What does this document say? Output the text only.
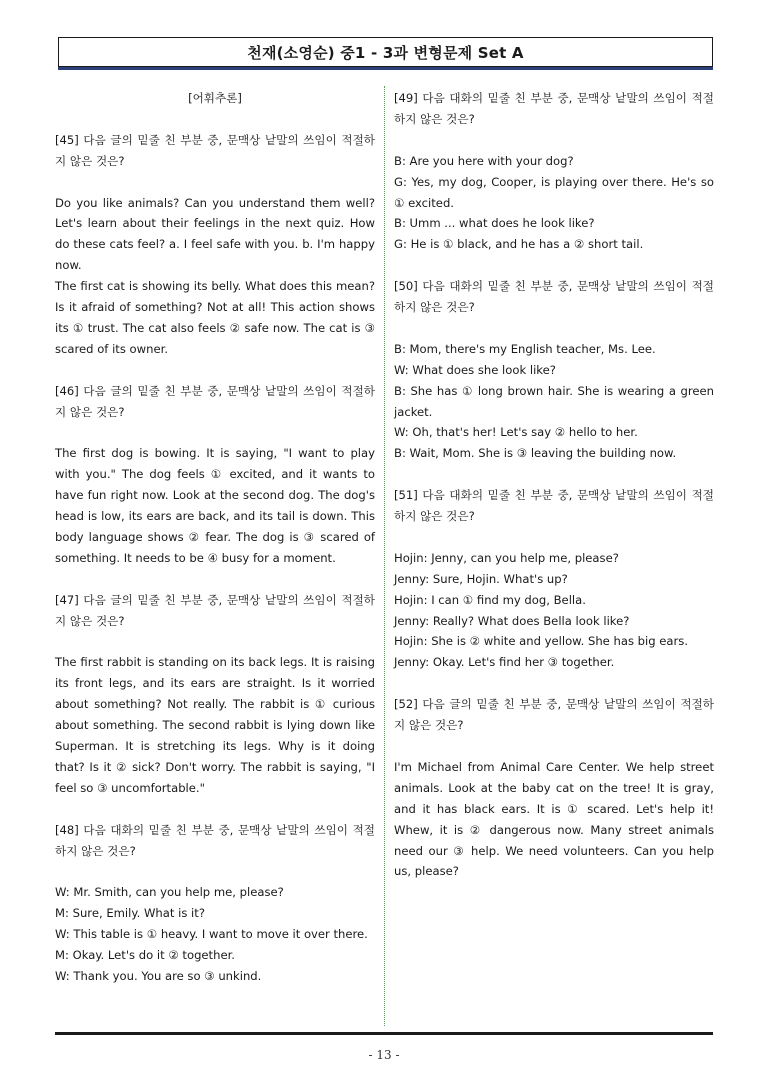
천재(소영순) 중1 - 3과 변형문제 Set A
[어휘추론]
[45] 다음 글의 밑줄 친 부분 중, 문맥상 낱말의 쓰임이 적절하지 않은 것은?
Do you like animals? Can you understand them well? Let's learn about their feelings in the next quiz. How do these cats feel? a. I feel safe with you. b. I'm happy now.
The first cat is showing its belly. What does this mean? Is it afraid of something? Not at all! This action shows its ① trust. The cat also feels ② safe now. The cat is ③ scared of its owner.
[46] 다음 글의 밑줄 친 부분 중, 문맥상 낱말의 쓰임이 적절하지 않은 것은?
The first dog is bowing. It is saying, "I want to play with you." The dog feels ① excited, and it wants to have fun right now. Look at the second dog. The dog's head is low, its ears are back, and its tail is down. This body language shows ② fear. The dog is ③ scared of something. It needs to be ④ busy for a moment.
[47] 다음 글의 밑줄 친 부분 중, 문맥상 낱말의 쓰임이 적절하지 않은 것은?
The first rabbit is standing on its back legs. It is raising its front legs, and its ears are straight. Is it worried about something? Not really. The rabbit is ① curious about something. The second rabbit is lying down like Superman. It is stretching its legs. Why is it doing that? Is it ② sick? Don't worry. The rabbit is saying, "I feel so ③ uncomfortable."
[48] 다음 대화의 밑줄 친 부분 중, 문맥상 낱말의 쓰임이 적절하지 않은 것은?
W: Mr. Smith, can you help me, please?
M: Sure, Emily. What is it?
W: This table is ① heavy. I want to move it over there.
M: Okay. Let's do it ② together.
W: Thank you. You are so ③ unkind.
[49] 다음 대화의 밑줄 친 부분 중, 문맥상 낱말의 쓰임이 적절하지 않은 것은?
B: Are you here with your dog?
G: Yes, my dog, Cooper, is playing over there. He's so ① excited.
B: Umm ... what does he look like?
G: He is ① black, and he has a ② short tail.
[50] 다음 대화의 밑줄 친 부분 중, 문맥상 낱말의 쓰임이 적절하지 않은 것은?
B: Mom, there's my English teacher, Ms. Lee.
W: What does she look like?
B: She has ① long brown hair. She is wearing a green jacket.
W: Oh, that's her! Let's say ② hello to her.
B: Wait, Mom. She is ③ leaving the building now.
[51] 다음 대화의 밑줄 친 부분 중, 문맥상 낱말의 쓰임이 적절하지 않은 것은?
Hojin: Jenny, can you help me, please?
Jenny: Sure, Hojin. What's up?
Hojin: I can ① find my dog, Bella.
Jenny: Really? What does Bella look like?
Hojin: She is ② white and yellow. She has big ears.
Jenny: Okay. Let's find her ③ together.
[52] 다음 글의 밑줄 친 부분 중, 문맥상 낱말의 쓰임이 적절하지 않은 것은?
I'm Michael from Animal Care Center. We help street animals. Look at the baby cat on the tree! It is gray, and it has black ears. It is ① scared. Let's help it! Whew, it is ② dangerous now. Many street animals need our ③ help. We need volunteers. Can you help us, please?
- 13 -
